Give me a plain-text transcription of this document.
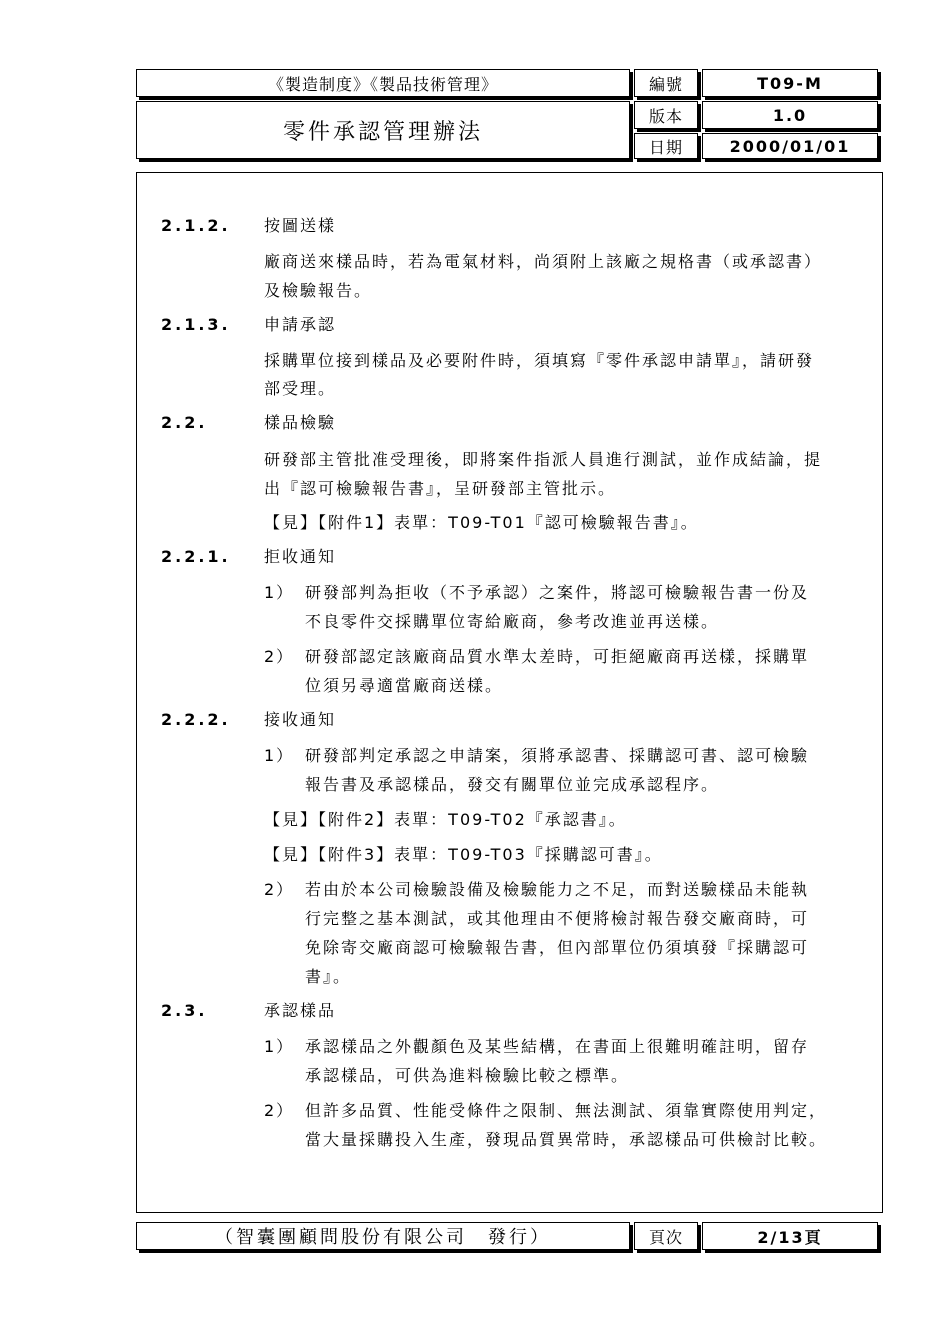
《製造制度》《製品技術管理》	編號	T09-M
零件承認管理辦法
版本	1.0
日期	2000/01/01
2.1.2. 按圖送樣
廠商送來樣品時，若為電氣材料，尚須附上該廠之規格書（或承認書）
及檢驗報告。
2.1.3. 申請承認
採購單位接到樣品及必要附件時，須填寫『零件承認申請單』，請研發
部受理。
2.2.	樣品檢驗
研發部主管批准受理後，即將案件指派人員進行測試，並作成結論，提
出『認可檢驗報告書』，呈研發部主管批示。
【見】【附件1】表單：T09-T01『認可檢驗報告書』。
2.2.1. 拒收通知
1） 研發部判為拒收（不予承認）之案件，將認可檢驗報告書一份及
不良零件交採購單位寄給廠商，參考改進並再送樣。
2） 研發部認定該廠商品質水準太差時，可拒絕廠商再送樣，採購單
位須另尋適當廠商送樣。
2.2.2. 接收通知
1） 研發部判定承認之申請案，須將承認書、採購認可書、認可檢驗
報告書及承認樣品，發交有關單位並完成承認程序。
【見】【附件2】表單：T09-T02『承認書』。
【見】【附件3】表單：T09-T03『採購認可書』。
2） 若由於本公司檢驗設備及檢驗能力之不足，而對送驗樣品未能執
行完整之基本測試，或其他理由不便將檢討報告發交廠商時，可
免除寄交廠商認可檢驗報告書，但內部單位仍須填發『採購認可
書』。
2.3.	承認樣品
1） 承認樣品之外觀顏色及某些結構，在書面上很難明確註明，留存
承認樣品，可供為進料檢驗比較之標準。
2） 但許多品質、性能受條件之限制、無法測試、須靠實際使用判定，
當大量採購投入生產，發現品質異常時，承認樣品可供檢討比較。
（智囊團顧問股份有限公司　發行）	頁次	2/13頁
